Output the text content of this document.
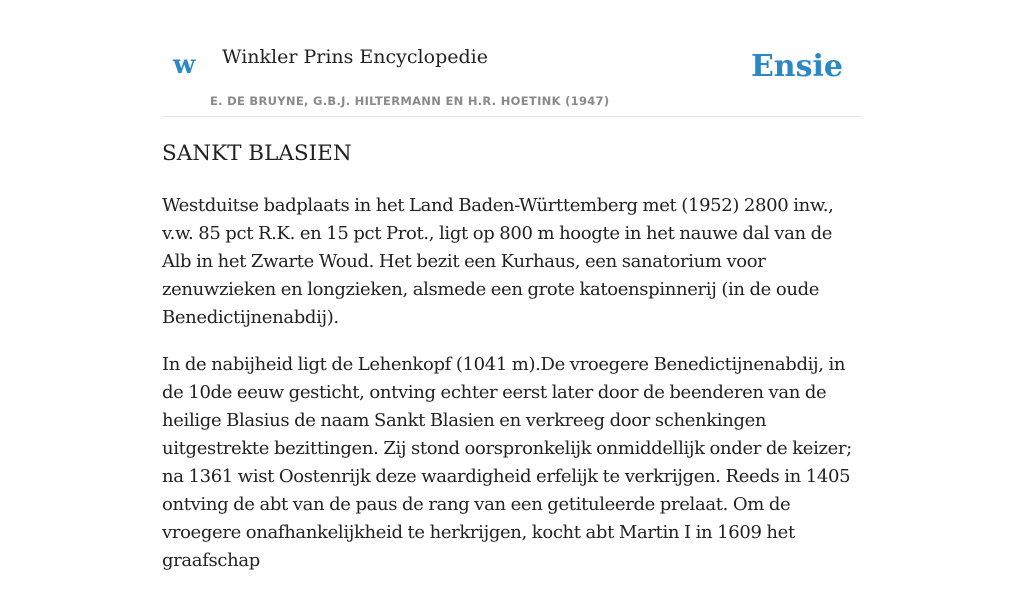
w Winkler Prins Encyclopedie
E. DE BRUYNE, G.B.J. HILTERMANN EN H.R. HOETINK (1947)
Ensie
SANKT BLASIEN

Westduitse badplaats in het Land Baden-Württemberg met (1952) 2800 inw., v.w. 85 pct R.K. en 15 pct Prot., ligt op 800 m hoogte in het nauwe dal van de Alb in het Zwarte Woud. Het bezit een Kurhaus, een sanatorium voor zenuwzieken en longzieken, alsmede een grote katoenspinnerij (in de oude Benedictijnenabdij).

In de nabijheid ligt de Lehenkopf (1041 m).De vroegere Benedictijnenabdij, in de 10de eeuw gesticht, ontving echter eerst later door de beenderen van de heilige Blasius de naam Sankt Blasien en verkreeg door schenkingen uitgestrekte bezittingen. Zij stond oorspronkelijk onmiddellijk onder de keizer; na 1361 wist Oostenrijk deze waardigheid erfelijk te verkrijgen. Reeds in 1405 ontving de abt van de paus de rang van een getituleerde prelaat. Om de vroegere onafhankelijkheid te herkrijgen, kocht abt Martin I in 1609 het graafschap
